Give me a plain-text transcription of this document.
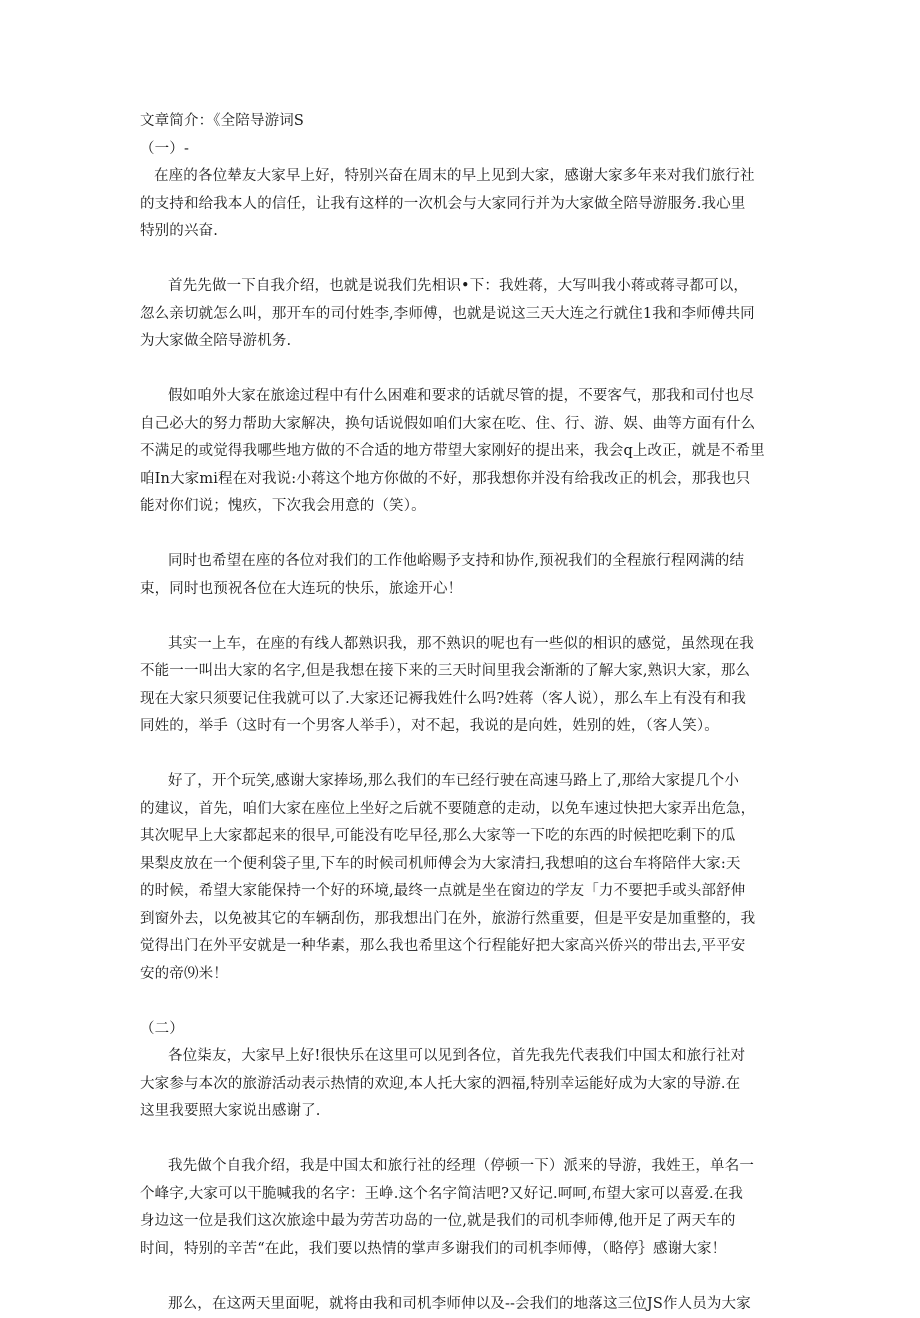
文章简介：《全陪导游词S
（一）-
在座的各位辇友大家早上好，特别兴奋在周末的早上见到大家，感谢大家多年来对我们旅行社
的支持和给我本人的信任，让我有这样的一次机会与大家同行并为大家做全陪导游服务.我心里
特别的兴奋.
首先先做一下自我介绍，也就是说我们先相识•下：我姓蒋，大写叫我小蒋或蒋寻都可以，
忽么亲切就怎么叫，那开车的司付姓李,李师傅，也就是说这三天大连之行就住1我和李师傅共同
为大家做全陪导游机务.
假如咱外大家在旅途过程中有什么困难和要求的话就尽管的提，不要客气，那我和司付也尽
自己必大的努力帮助大家解决，换句话说假如咱们大家在吃、住、行、游、娱、曲等方面有什么
不满足的或觉得我哪些地方做的不合适的地方带望大家刚好的提出来，我会q上改正，就是不希里
咱In大家mi程在对我说:小蒋这个地方你做的不好，那我想你并没有给我改正的机会，那我也只
能对你们说；愧疚，下次我会用意的（笑）。
同时也希望在座的各位对我们的工作他峪赐予支持和协作,预祝我们的全程旅行程网满的结
束，同时也预祝各位在大连玩的快乐，旅途开心！
其实一上车，在座的有线人都熟识我，那不熟识的呢也有一些似的相识的感觉，虽然现在我
不能一一叫出大家的名字,但是我想在接下来的三天时间里我会渐渐的了解大家,熟识大家，那么
现在大家只须要记住我就可以了.大家还记褥我姓什么吗?姓蒋（客人说），那么车上有没有和我
同姓的，举手（这时有一个男客人举手），对不起，我说的是向姓，姓别的姓，（客人笑）。
好了，开个玩笑,感谢大家捧场,那么我们的车已经行驶在高速马路上了,那给大家提几个小
的建议，首先，咱们大家在座位上坐好之后就不要随意的走动，以免车速过快把大家弄出危急，
其次呢早上大家都起来的很早,可能没有吃早径,那么大家等一下吃的东西的时候把吃剩下的瓜
果梨皮放在一个便利袋子里,下车的时候司机师傅会为大家清扫,我想咱的这台车将陪伴大家:天
的时候，希望大家能保持一个好的环境,最终一点就是坐在窗边的学友「力不要把手或头部舒伸
到窗外去，以免被其它的车辆刮伤，那我想出门在外，旅游行然重要，但是平安是加重整的，我
觉得出门在外平安就是一种华素，那么我也希里这个行程能好把大家高兴侨兴的带出去,平平安
安的帝⑼米！
（二）
各位柒友，大家早上好!很快乐在这里可以见到各位，首先我先代表我们中国太和旅行社对
大家参与本次的旅游活动表示热情的欢迎,本人托大家的泗福,特别幸运能好成为大家的导游.在
这里我要照大家说出感谢了.
我先做个自我介绍，我是中国太和旅行社的经理（停顿一下）派来的导游，我姓王，单名一
个峰字,大家可以干脆喊我的名字：王峥.这个名字简洁吧?又好记.呵呵,布望大家可以喜爱.在我
身边这一位是我们这次旅途中最为劳苦功岛的一位,就是我们的司机李师傅,他开足了两天车的
时间，特别的辛苦“在此，我们要以热情的掌声多谢我们的司机李师傅，（略停｝感谢大家！
那么，在这两天里面呢，就将由我和司机李师伸以及--会我们的地落这三位JS作人员为大家
